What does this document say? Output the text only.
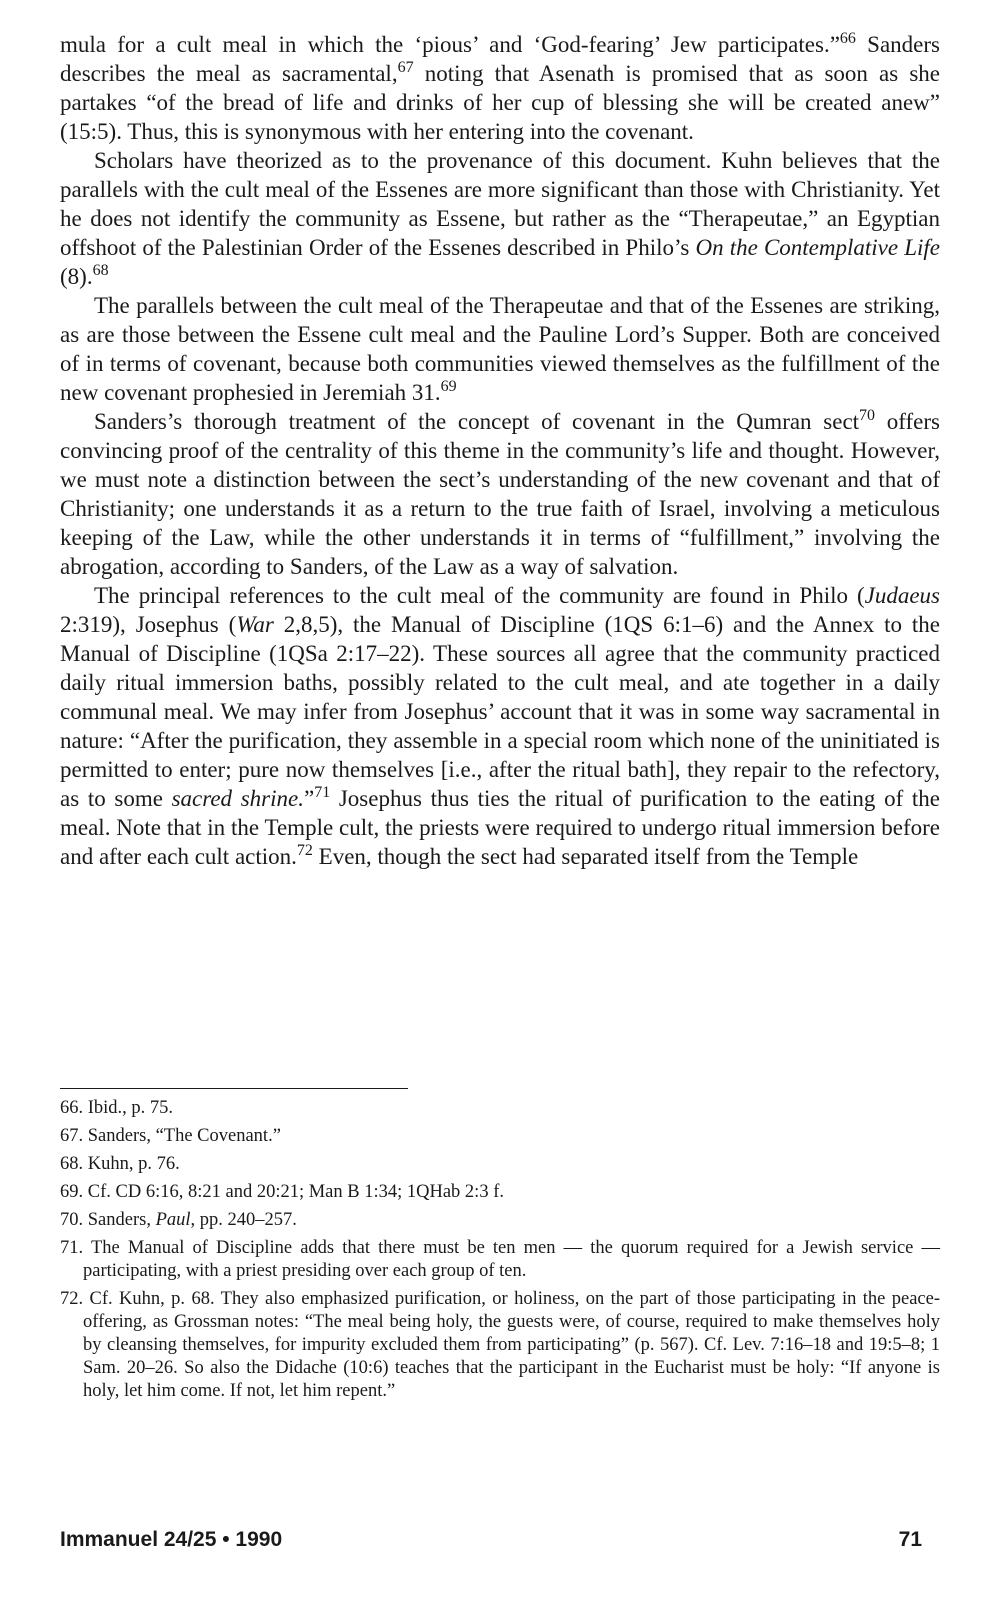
mula for a cult meal in which the ‘pious’ and ‘God-fearing’ Jew participates.”$^{66}$ Sanders describes the meal as sacramental,$^{67}$ noting that Asenath is promised that as soon as she partakes “of the bread of life and drinks of her cup of blessing she will be created anew” (15:5). Thus, this is synonymous with her entering into the covenant.

Scholars have theorized as to the provenance of this document. Kuhn believes that the parallels with the cult meal of the Essenes are more significant than those with Christianity. Yet he does not identify the community as Essene, but rather as the “Therapeutae,” an Egyptian offshoot of the Palestinian Order of the Essenes described in Philo’s On the Contemplative Life (8).$^{68}$

The parallels between the cult meal of the Therapeutae and that of the Essenes are striking, as are those between the Essene cult meal and the Pauline Lord’s Supper. Both are conceived of in terms of covenant, because both communities viewed themselves as the fulfillment of the new covenant prophesied in Jeremiah 31.69

Sanders’s thorough treatment of the concept of covenant in the Qumran sect$^{70}$ offers convincing proof of the centrality of this theme in the community’s life and thought. However, we must note a distinction between the sect’s understanding of the new covenant and that of Christianity; one understands it as a return to the true faith of Israel, involving a meticulous keeping of the Law, while the other understands it in terms of “fulfillment,” involving the abrogation, according to Sanders, of the Law as a way of salvation.

The principal references to the cult meal of the community are found in Philo (Judaeus 2:319), Josephus (War 2,8,5), the Manual of Discipline (1QS 6:1–6) and the Annex to the Manual of Discipline (1QSa 2:17–22). These sources all agree that the community practiced daily ritual immersion baths, possibly related to the cult meal, and ate together in a daily communal meal. We may infer from Josephus’ account that it was in some way sacramental in nature: “After the purification, they assemble in a special room which none of the uninitiated is permitted to enter; pure now themselves [i.e., after the ritual bath], they repair to the refectory, as to some sacred shrine.”$^{71}$ Josephus thus ties the ritual of purification to the eating of the meal. Note that in the Temple cult, the priests were required to undergo ritual immersion before and after each cult action.$^{72}$ Even, though the sect had separated itself from the Temple

66. Ibid., p. 75.

67. Sanders, “The Covenant.”

68. Kuhn, p. 76.

69. Cf. CD 6:16, 8:21 and 20:21; Man B 1:34; 1QHab 2:3 f.

70. Sanders, Paul, pp. 240–257.

71. The Manual of Discipline adds that there must be ten men — the quorum required for a Jewish service — participating, with a priest presiding over each group of ten.

72. Cf. Kuhn, p. 68. They also emphasized purification, or holiness, on the part of those participating in the peace-offering, as Grossman notes: “The meal being holy, the guests were, of course, required to make themselves holy by cleansing themselves, for impurity excluded them from participating” (p. 567). Cf. Lev. 7:16–18 and 19:5–8; 1 Sam. 20–26. So also the Didache (10:6) teaches that the participant in the Eucharist must be holy: “If anyone is holy, let him come. If not, let him repent.”

Immanuel 24/25 • 1990	71
